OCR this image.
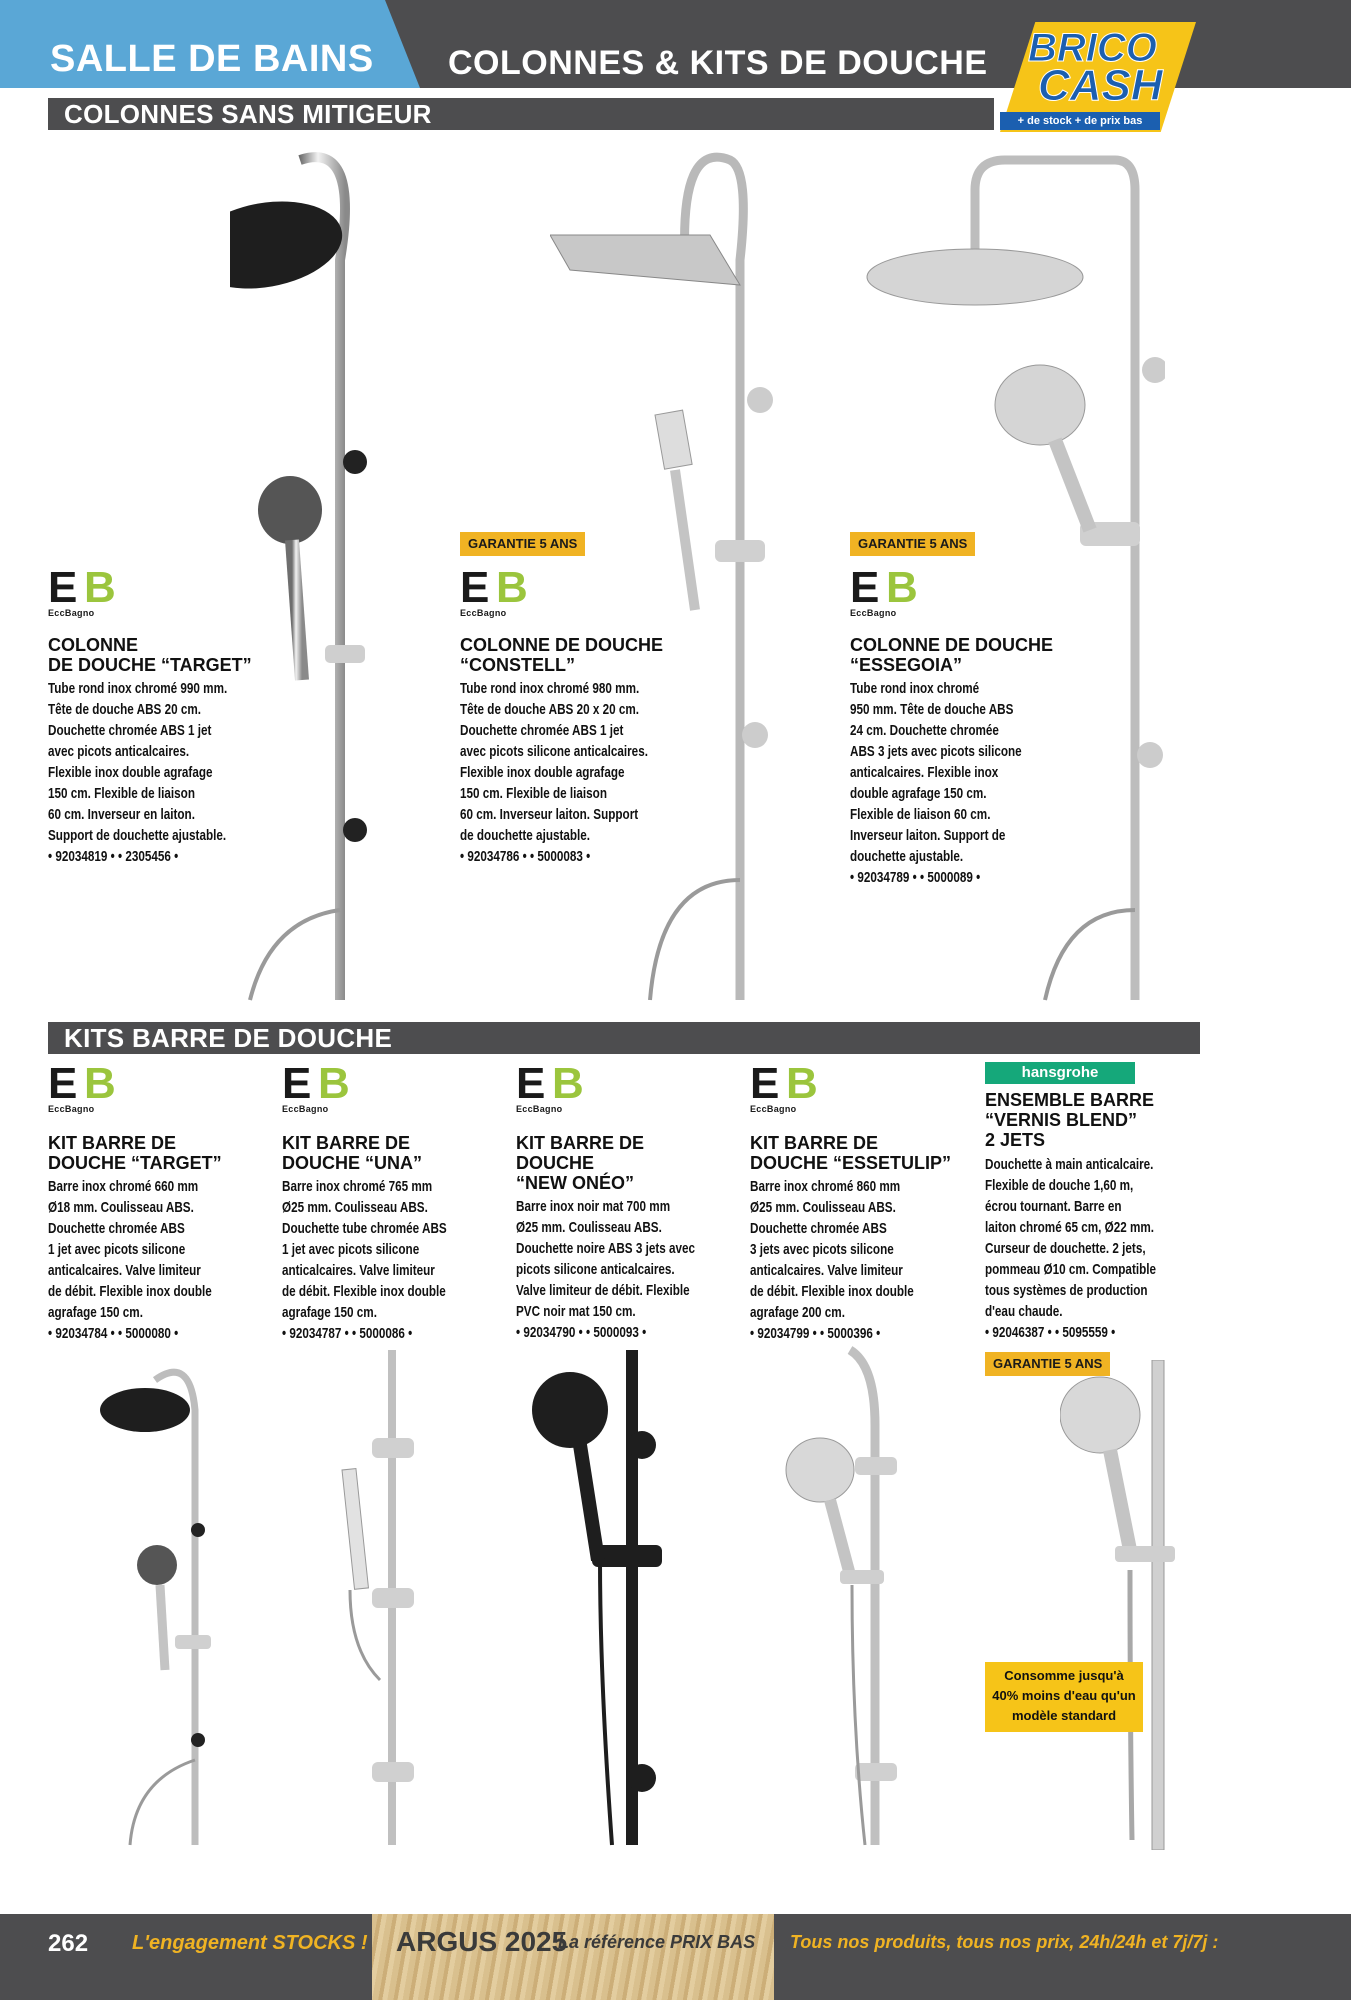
SALLE DE BAINS COLONNES & KITS DE DOUCHE BRICO
CASH
+ de stock + de prix bas
COLONNES SANS MITIGEUR
KITS BARRE DE DOUCHE
E B
EccBagno
COLONNE
DE DOUCHE “TARGET”
Tube rond inox chromé 990 mm.
Tête de douche ABS 20 cm.
Douchette chromée ABS 1 jet
avec picots anticalcaires.
Flexible inox double agrafage
150 cm. Flexible de liaison
60 cm. Inverseur en laiton.
Support de douchette ajustable.
• 92034819 • • 2305456 •
GARANTIE 5 ANS
E B
EccBagno
COLONNE DE DOUCHE
“CONSTELL”
Tube rond inox chromé 980 mm.
Tête de douche ABS 20 x 20 cm.
Douchette chromée ABS 1 jet
avec picots silicone anticalcaires.
Flexible inox double agrafage
150 cm. Flexible de liaison
60 cm. Inverseur laiton. Support
de douchette ajustable.
• 92034786 • • 5000083 •
GARANTIE 5 ANS
E B
EccBagno
COLONNE DE DOUCHE
“ESSEGOIA”
Tube rond inox chromé
950 mm. Tête de douche ABS
24 cm. Douchette chromée
ABS 3 jets avec picots silicone
anticalcaires. Flexible inox
double agrafage 150 cm.
Flexible de liaison 60 cm.
Inverseur laiton. Support de
douchette ajustable.
• 92034789 • • 5000089 •
E B
EccBagno
KIT BARRE DE
DOUCHE “TARGET”
Barre inox chromé 660 mm
Ø18 mm. Coulisseau ABS.
Douchette chromée ABS
1 jet avec picots silicone
anticalcaires. Valve limiteur
de débit. Flexible inox double
agrafage 150 cm.
• 92034784 • • 5000080 •
E B
EccBagno
KIT BARRE DE
DOUCHE “UNA”
Barre inox chromé 765 mm
Ø25 mm. Coulisseau ABS.
Douchette tube chromée ABS
1 jet avec picots silicone
anticalcaires. Valve limiteur
de débit. Flexible inox double
agrafage 150 cm.
• 92034787 • • 5000086 •
E B
EccBagno
KIT BARRE DE
DOUCHE
“NEW ONÉO”
Barre inox noir mat 700 mm
Ø25 mm. Coulisseau ABS.
Douchette noire ABS 3 jets avec
picots silicone anticalcaires.
Valve limiteur de débit. Flexible
PVC noir mat 150 cm.
• 92034790 • • 5000093 •
E B
EccBagno
KIT BARRE DE
DOUCHE “ESSETULIP”
Barre inox chromé 860 mm
Ø25 mm. Coulisseau ABS.
Douchette chromée ABS
3 jets avec picots silicone
anticalcaires. Valve limiteur
de débit. Flexible inox double
agrafage 200 cm.
• 92034799 • • 5000396 •
hansgrohe
ENSEMBLE BARRE
“VERNIS BLEND”
2 JETS
Douchette à main anticalcaire.
Flexible de douche 1,60 m,
écrou tournant. Barre en
laiton chromé 65 cm, Ø22 mm.
Curseur de douchette. 2 jets,
pommeau Ø10 cm. Compatible
tous systèmes de production
d'eau chaude.
• 92046387 • • 5095559 •
GARANTIE 5 ANS
Consomme jusqu'à
40% moins d'eau qu'un
modèle standard
262 L'engagement STOCKS ! ARGUS 2025
La référence PRIX BAS Tous nos produits, tous nos prix, 24h/24h et 7j/7j :
